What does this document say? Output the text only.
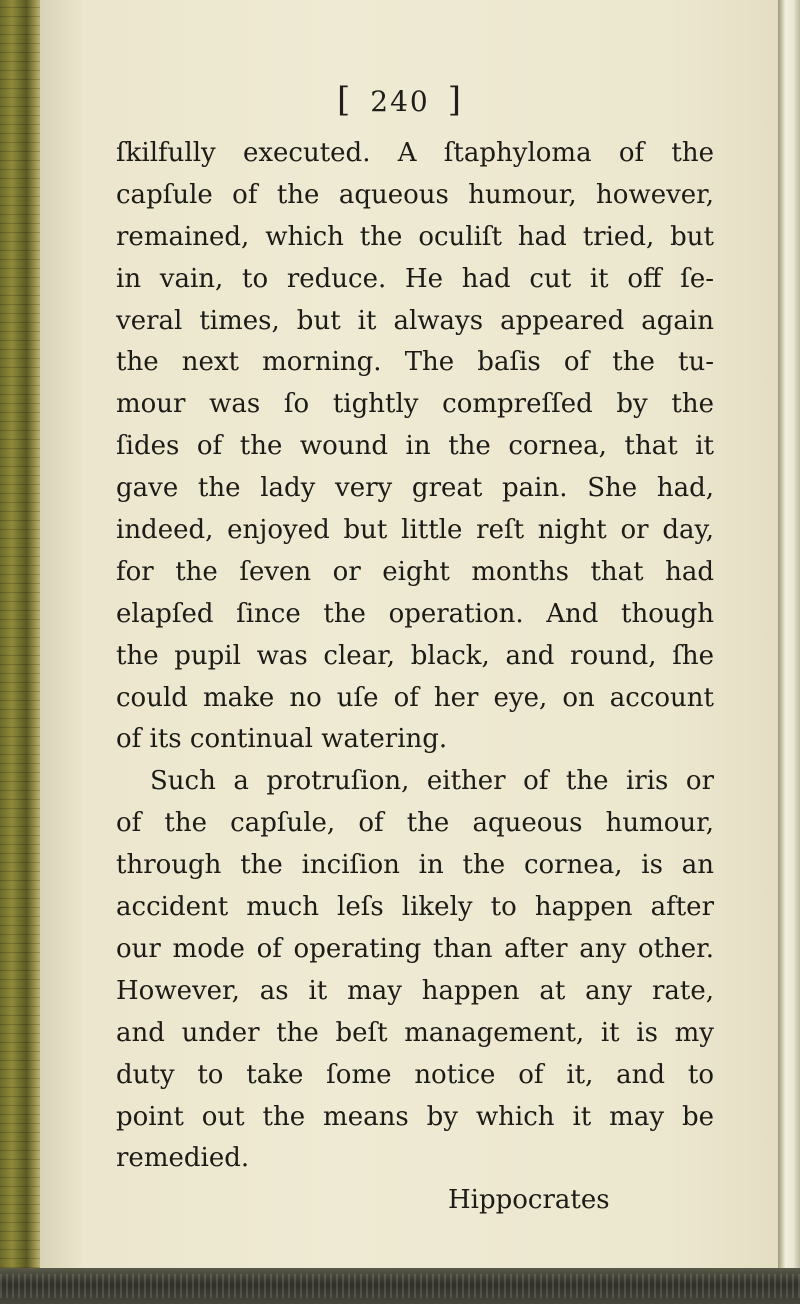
[ 240 ]
ſkilfully executed. A ſtaphyloma of the
capſule of the aqueous humour, however,
remained, which the oculiſt had tried, but
in vain, to reduce. He had cut it off ſe-
veral times, but it always appeared again
the next morning. The baſis of the tu-
mour was ſo tightly compreſſed by the
ſides of the wound in the cornea, that it
gave the lady very great pain. She had,
indeed, enjoyed but little reſt night or day,
for the ſeven or eight months that had
elapſed ſince the operation. And though
the pupil was clear, black, and round, ſhe
could make no uſe of her eye, on account
of its continual watering.
Such a protruſion, either of the iris or
of the capſule, of the aqueous humour,
through the inciſion in the cornea, is an
accident much leſs likely to happen after
our mode of operating than after any other.
However, as it may happen at any rate,
and under the beſt management, it is my
duty to take ſome notice of it, and to
point out the means by which it may be
remedied.
Hippocrates
